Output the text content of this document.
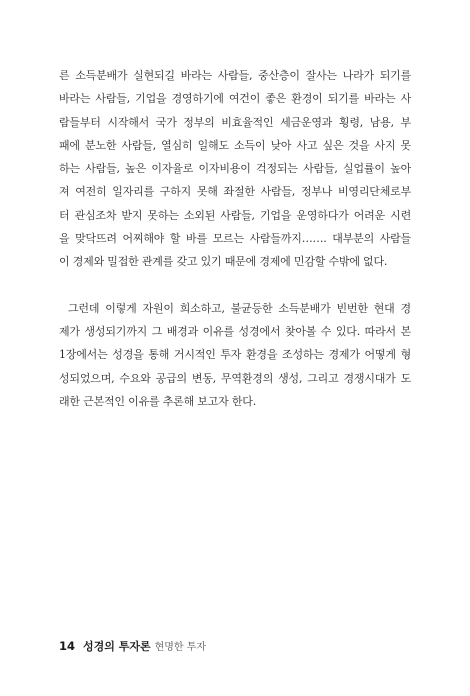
른 소득분배가 실현되길 바라는 사람들, 중산층이 잘사는 나라가 되기를
바라는 사람들, 기업을 경영하기에 여건이 좋은 환경이 되기를 바라는 사
람들부터 시작해서 국가 정부의 비효율적인 세금운영과 횡령, 남용, 부
패에 분노한 사람들, 열심히 일해도 소득이 낮아 사고 싶은 것을 사지 못
하는 사람들, 높은 이자율로 이자비용이 걱정되는 사람들, 실업률이 높아
져 여전히 일자리를 구하지 못해 좌절한 사람들, 정부나 비영리단체로부
터 관심조차 받지 못하는 소외된 사람들, 기업을 운영하다가 어려운 시련
을 맞닥뜨려 어찌해야 할 바를 모르는 사람들까지……. 대부분의 사람들
이 경제와 밀접한 관계를 갖고 있기 때문에 경제에 민감할 수밖에 없다.
그런데 이렇게 자원이 희소하고, 불균등한 소득분배가 빈번한 현대 경
제가 생성되기까지 그 배경과 이유를 성경에서 찾아볼 수 있다. 따라서 본
1장에서는 성경을 통해 거시적인 투자 환경을 조성하는 경제가 어떻게 형
성되었으며, 수요와 공급의 변동, 무역환경의 생성, 그리고 경쟁시대가 도
래한 근본적인 이유를 추론해 보고자 한다.
14 성경의 투자론 현명한 투자
